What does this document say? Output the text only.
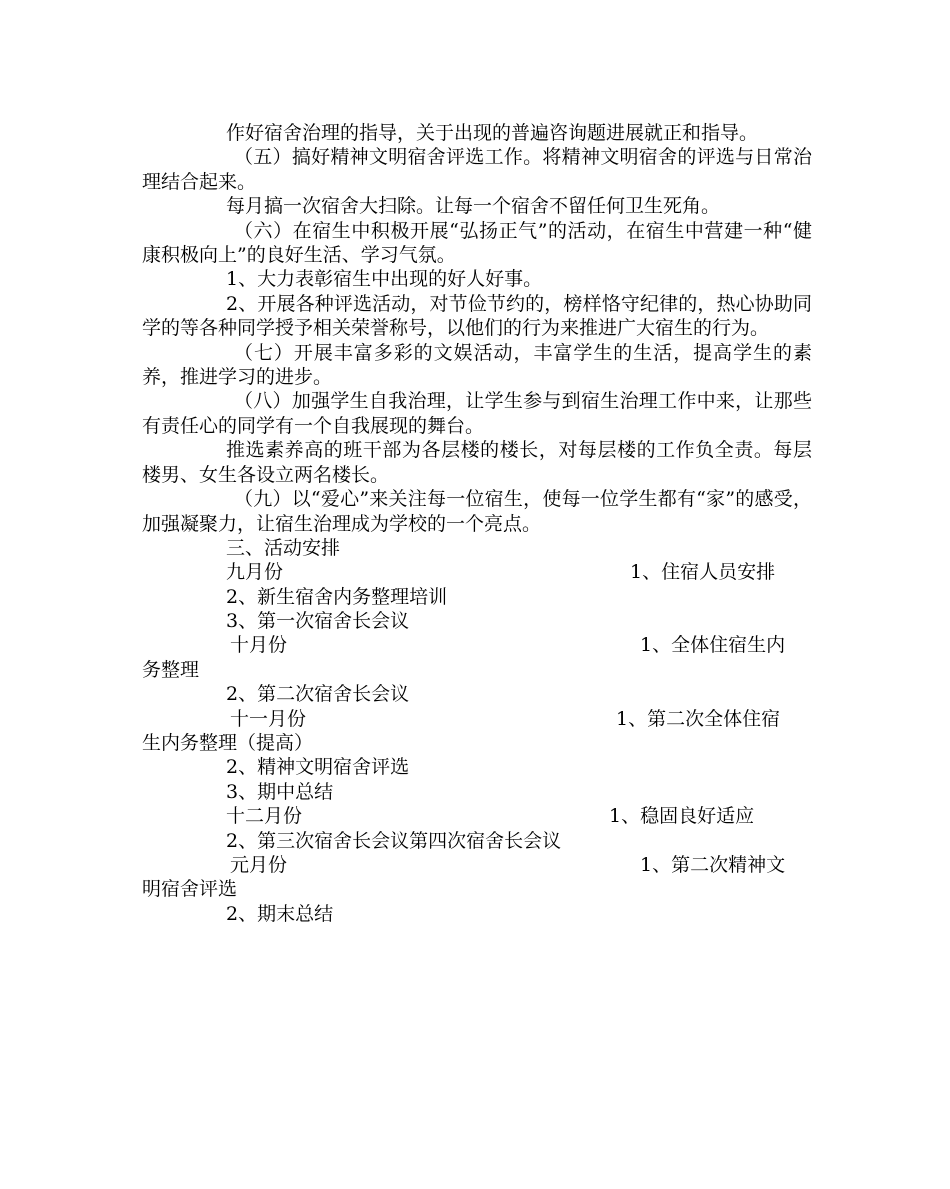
作好宿舍治理的指导，关于出现的普遍咨询题进展就正和指导。

（五）搞好精神文明宿舍评选工作。将精神文明宿舍的评选与日常治理结合起来。

每月搞一次宿舍大扫除。让每一个宿舍不留任何卫生死角。

（六）在宿生中积极开展“弘扬正气”的活动，在宿生中营建一种“健康积极向上”的良好生活、学习气氛。

1、大力表彰宿生中出现的好人好事。

2、开展各种评选活动，对节俭节约的，榜样恪守纪律的，热心协助同学的等各种同学授予相关荣誉称号，以他们的行为来推进广大宿生的行为。

（七）开展丰富多彩的文娱活动，丰富学生的生活，提高学生的素养，推进学习的进步。

（八）加强学生自我治理，让学生参与到宿生治理工作中来，让那些有责任心的同学有一个自我展现的舞台。

推选素养高的班干部为各层楼的楼长，对每层楼的工作负全责。每层楼男、女生各设立两名楼长。

（九）以“爱心”来关注每一位宿生，使每一位学生都有“家”的感受，加强凝聚力，让宿生治理成为学校的一个亮点。

三、活动安排

九月份	1、住宿人员安排
2、新生宿舍内务整理培训
3、第一次宿舍长会议
十月份	1、全体住宿生内
务整理
2、第二次宿舍长会议
十一月份	1、第二次全体住宿
生内务整理（提高）
2、精神文明宿舍评选
3、期中总结
十二月份	1、稳固良好适应
2、第三次宿舍长会议第四次宿舍长会议
元月份	1、第二次精神文
明宿舍评选
2、期末总结
